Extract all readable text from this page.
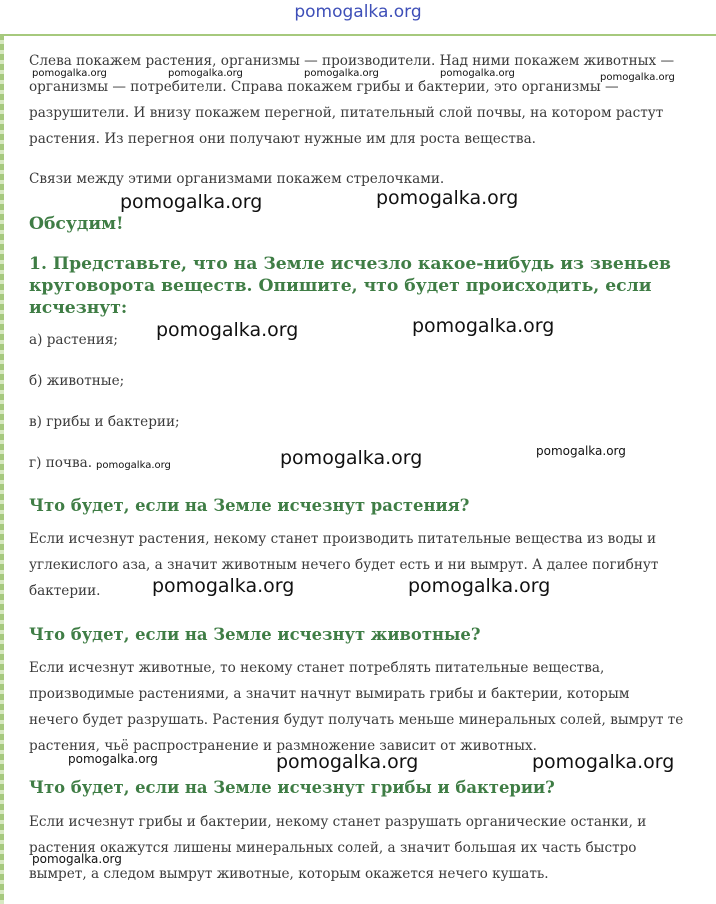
pomogalka.org
Слева покажем растения, организмы — производители. Над ними покажем животных —
организмы — потребители. Справа покажем грибы и бактерии, это организмы —
разрушители. И внизу покажем перегной, питательный слой почвы, на котором растут
растения. Из перегноя они получают нужные им для роста вещества.
Связи между этими организмами покажем стрелочками.
Обсудим!
1. Представьте, что на Земле исчезло какое-нибудь из звеньев
круговорота веществ. Опишите, что будет происходить, если
исчезнут:
а) растения;
б) животные;
в) грибы и бактерии;
г) почва.
Что будет, если на Земле исчезнут растения?
Если исчезнут растения, некому станет производить питательные вещества из воды и
углекислого аза, а значит животным нечего будет есть и ни вымрут. А далее погибнут
бактерии.
Что будет, если на Земле исчезнут животные?
Если исчезнут животные, то некому станет потреблять питательные вещества,
производимые растениями, а значит начнут вымирать грибы и бактерии, которым
нечего будет разрушать. Растения будут получать меньше минеральных солей, вымрут те
растения, чьё распространение и размножение зависит от животных.
Что будет, если на Земле исчезнут грибы и бактерии?
Если исчезнут грибы и бактерии, некому станет разрушать органические останки, и
растения окажутся лишены минеральных солей, а значит большая их часть быстро
вымрет, а следом вымрут животные, которым окажется нечего кушать.
pomogalka.org	pomogalka.org	pomogalka.org	pomogalka.org	pomogalka.org
pomogalka.org	pomogalka.org
pomogalka.org	pomogalka.org
pomogalka.org
pomogalka.org
pomogalka.org
pomogalka.org	pomogalka.org
pomogalka.org	pomogalka.org	pomogalka.org
pomogalka.org
